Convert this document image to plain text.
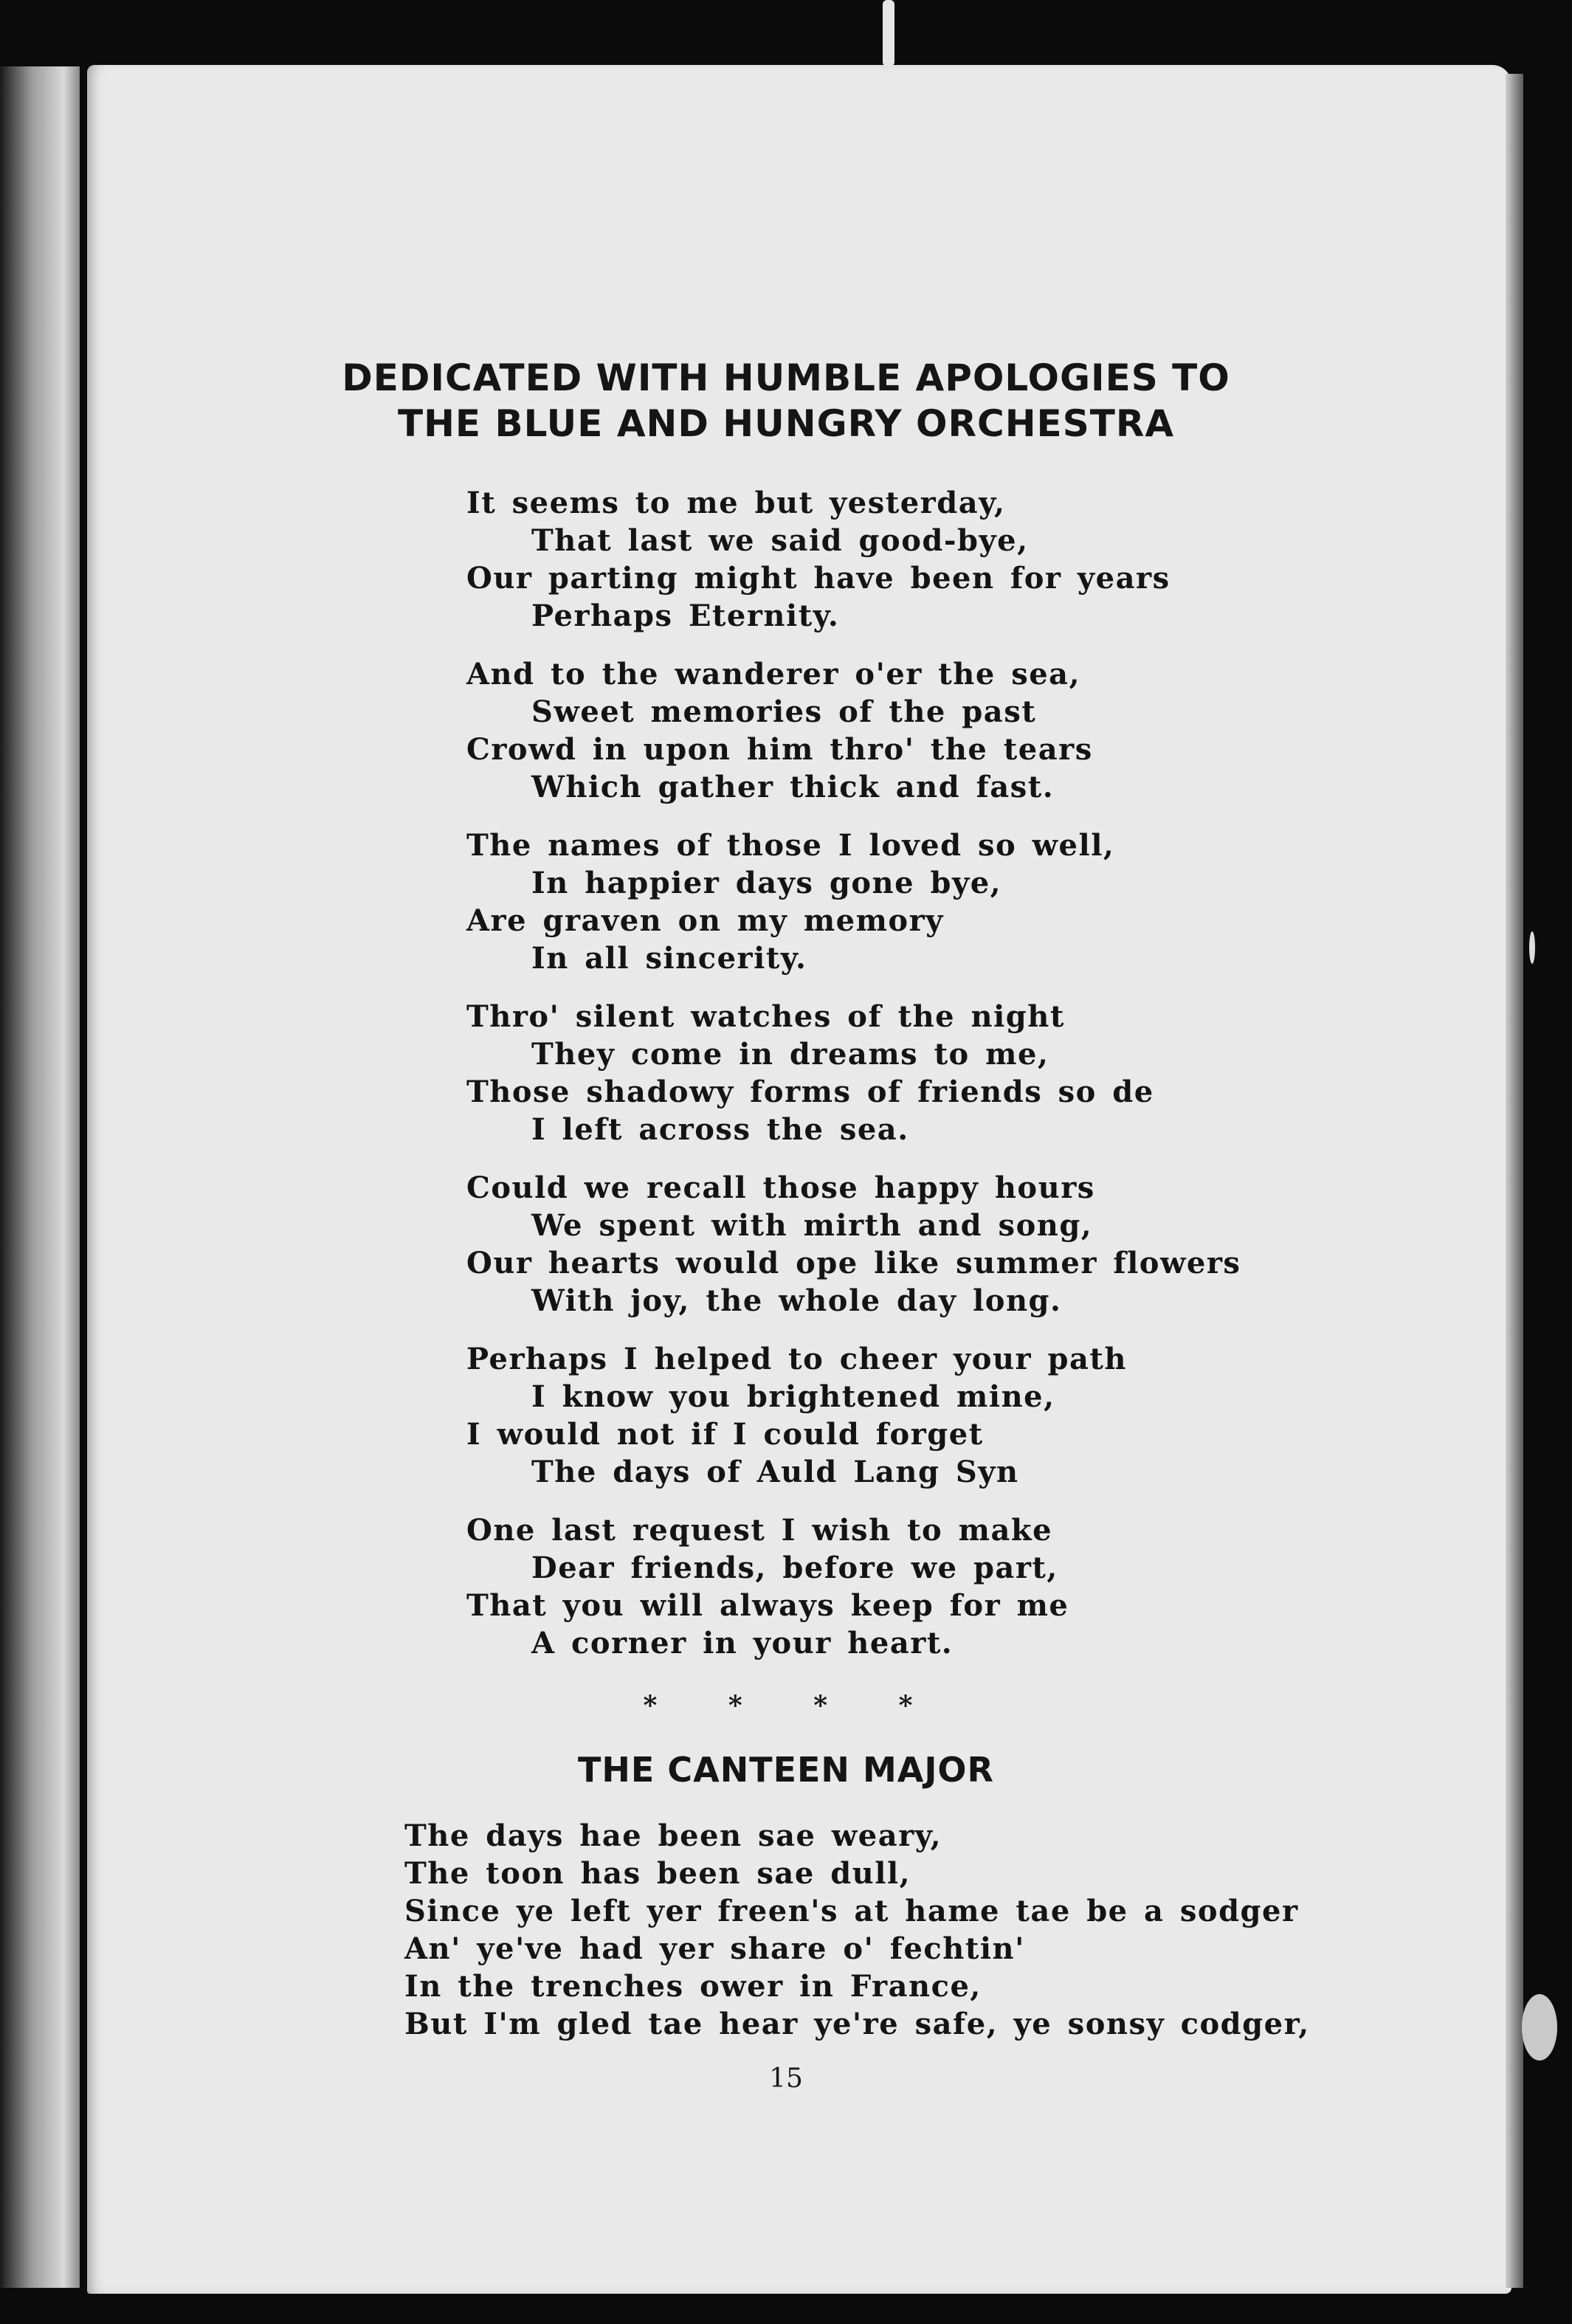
DEDICATED WITH HUMBLE APOLOGIES TO
THE BLUE AND HUNGRY ORCHESTRA
It seems to me but yesterday,
That last we said good-bye,
Our parting might have been for years
Perhaps Eternity.
And to the wanderer o'er the sea,
Sweet memories of the past
Crowd in upon him thro' the tears
Which gather thick and fast.
The names of those I loved so well,
In happier days gone bye,
Are graven on my memory
In all sincerity.
Thro' silent watches of the night
They come in dreams to me,
Those shadowy forms of friends so de
I left across the sea.
Could we recall those happy hours
We spent with mirth and song,
Our hearts would ope like summer flowers
With joy, the whole day long.
Perhaps I helped to cheer your path
I know you brightened mine,
I would not if I could forget
The days of Auld Lang Syn
One last request I wish to make
Dear friends, before we part,
That you will always keep for me
A corner in your heart.
* * * *
THE CANTEEN MAJOR
The days hae been sae weary,
The toon has been sae dull,
Since ye left yer freen's at hame tae be a sodger
An' ye've had yer share o' fechtin'
In the trenches ower in France,
But I'm gled tae hear ye're safe, ye sonsy codger,
15
